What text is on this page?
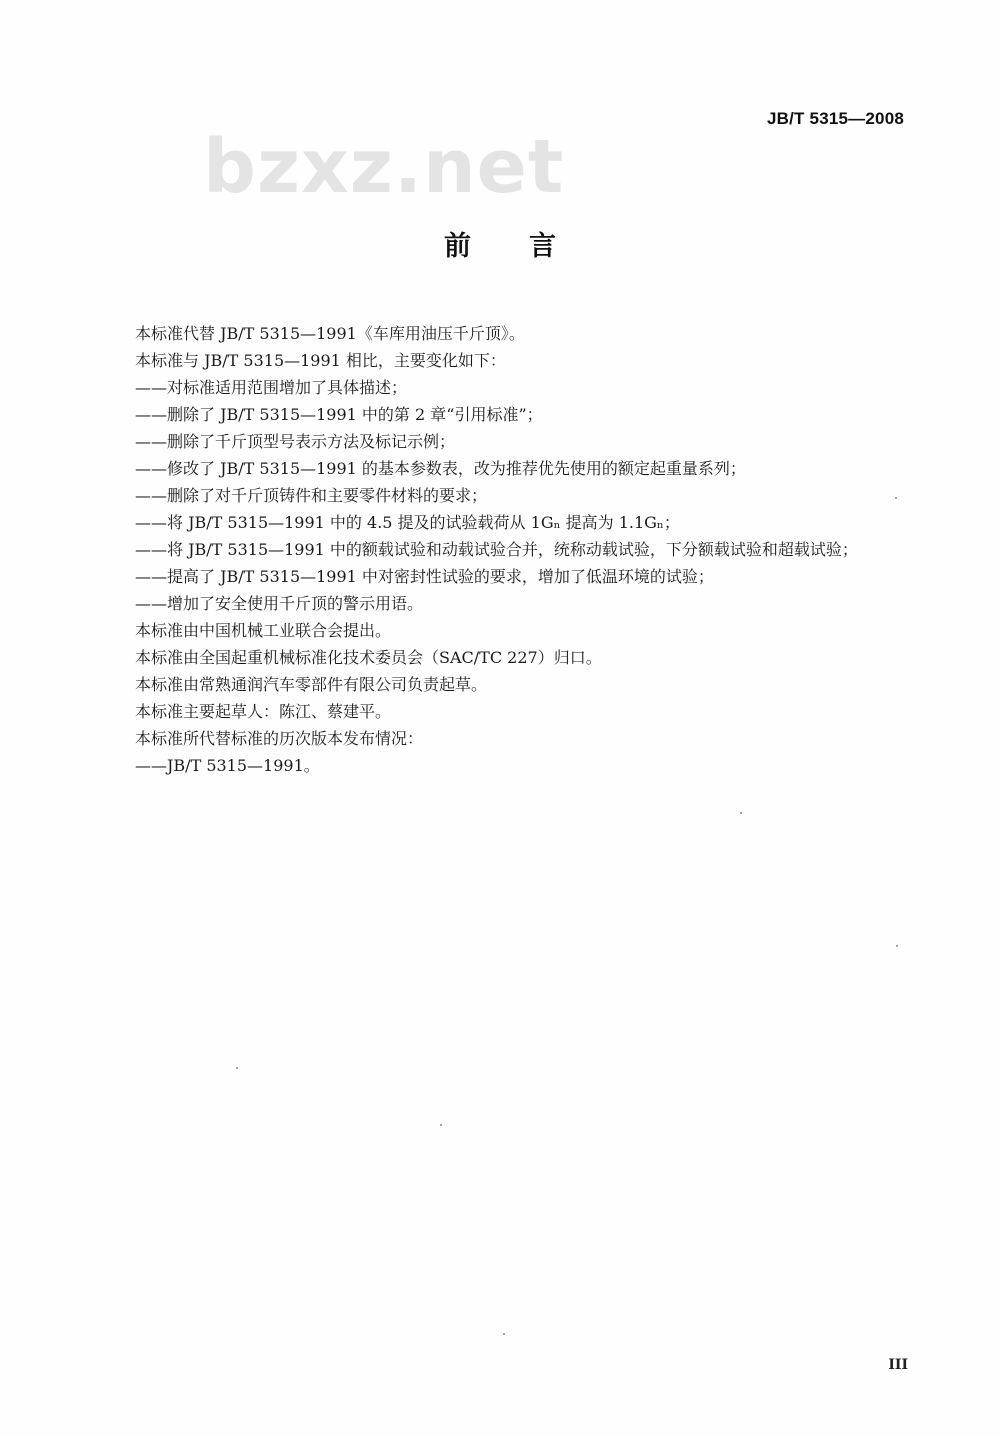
JB/T 5315—2008
bzxz.net
前言
本标准代替 JB/T 5315—1991《车库用油压千斤顶》。
本标准与 JB/T 5315—1991 相比，主要变化如下：
——对标准适用范围增加了具体描述；
——删除了 JB/T 5315—1991 中的第 2 章“引用标准”；
——删除了千斤顶型号表示方法及标记示例；
——修改了 JB/T 5315—1991 的基本参数表，改为推荐优先使用的额定起重量系列；
——删除了对千斤顶铸件和主要零件材料的要求；
——将 JB/T 5315—1991 中的 4.5 提及的试验载荷从 1Gₙ 提高为 1.1Gₙ；
——将 JB/T 5315—1991 中的额载试验和动载试验合并，统称动载试验，下分额载试验和超载试验；
——提高了 JB/T 5315—1991 中对密封性试验的要求，增加了低温环境的试验；
——增加了安全使用千斤顶的警示用语。
本标准由中国机械工业联合会提出。
本标准由全国起重机械标准化技术委员会（SAC/TC 227）归口。
本标准由常熟通润汽车零部件有限公司负责起草。
本标准主要起草人：陈江、蔡建平。
本标准所代替标准的历次版本发布情况：
——JB/T 5315—1991。
III
